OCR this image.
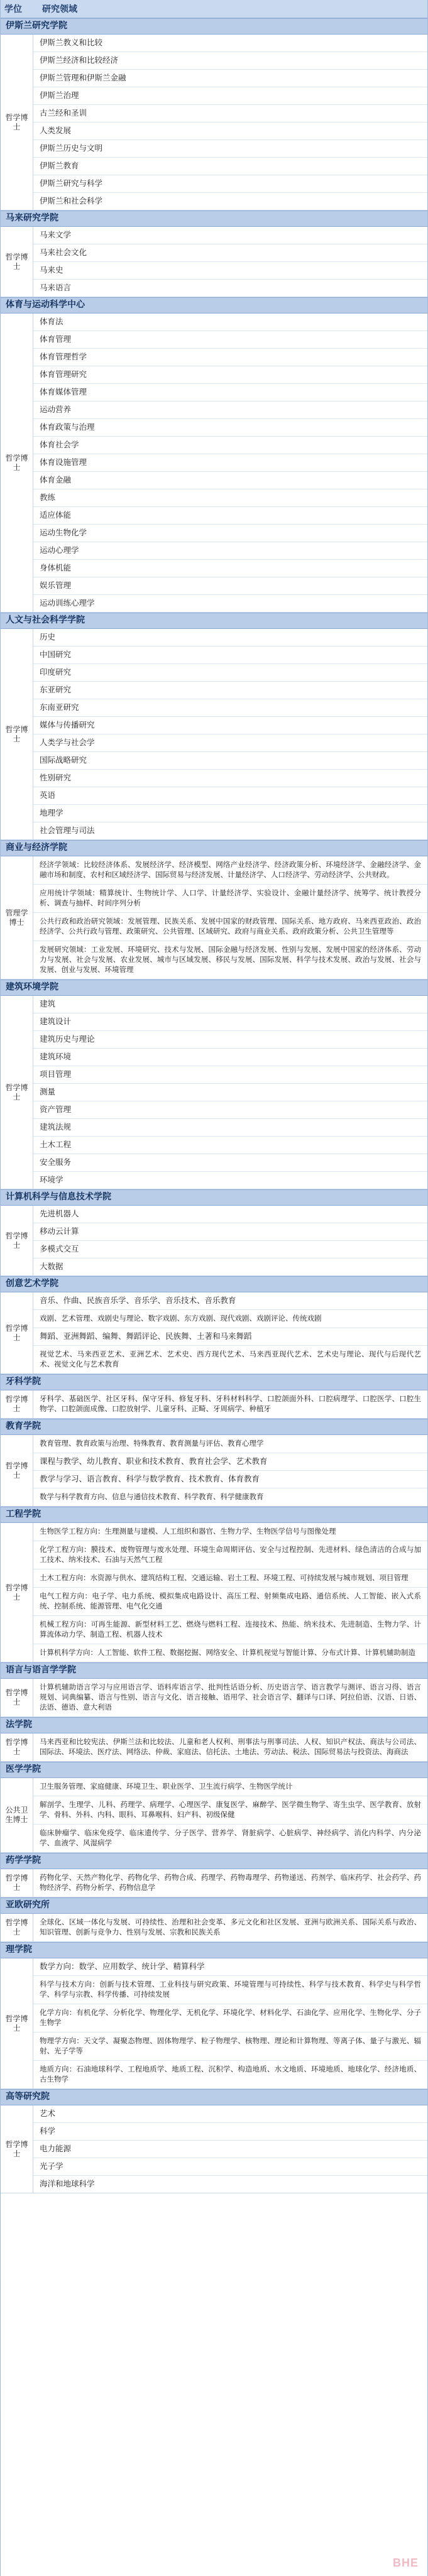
学位	研究领域
伊斯兰研究学院
哲学博士
伊斯兰教义和比较
伊斯兰经济和比较经济
伊斯兰管理和伊斯兰金融
伊斯兰治理
古兰经和圣训
人类发展
伊斯兰历史与文明
伊斯兰教育
伊斯兰研究与科学
伊斯兰和社会科学
马来研究学院
哲学博士
马来文学
马来社会文化
马来史
马来语言
体育与运动科学中心
哲学博士
体育法
体育管理
体育管理哲学
体育管理研究
体育媒体管理
运动营养
体育政策与治理
体育社会学
体育设施管理
体育金融
教练
适应体能
运动生物化学
运动心理学
身体机能
娱乐管理
运动训练心理学
人文与社会科学学院
哲学博士
历史
中国研究
印度研究
东亚研究
东南亚研究
媒体与传播研究
人类学与社会学
国际战略研究
性别研究
英语
地理学
社会管理与司法
商业与经济学院
管理学博士
经济学领域：比较经济体系、发展经济学、经济模型、网络产业经济学、经济政策分析、环境经济学、金融经济学、金融市场和制度、农村和区域经济学、国际贸易与经济发展、计量经济学、人口经济学、劳动经济学、公共财政。
应用统计学领域：精算统计、生物统计学、人口学、计量经济学、实验设计、金融计量经济学、统筹学、统计教授分析、调查与抽样、时间序列分析
公共行政和政治研究领域：发展管理、民族关系、发展中国家的财政管理、国际关系、地方政府、马来西亚政治、政治经济学、公共行政与管理、政策研究、公共管理、区域研究、政府与商业关系、政府政策分析、公共卫生管理等
发展研究领域：工业发展、环境研究、技术与发展、国际金融与经济发展、性别与发展、发展中国家的经济体系、劳动力与发展、社会与发展、农业发展、城市与区域发展、移民与发展、国际发展、科学与技术发展、政治与发展、社会与发展、创业与发展、环境管理
建筑环境学院
哲学博士
建筑
建筑设计
建筑历史与理论
建筑环境
项目管理
测量
资产管理
建筑法规
土木工程
安全服务
环境学
计算机科学与信息技术学院
哲学博士
先进机器人
移动云计算
多模式交互
大数据
创意艺术学院
哲学博士
音乐、作曲、民族音乐学、音乐学、音乐技术、音乐教育
戏剧、艺术管理、戏剧史与理论、数字戏剧、东方戏剧、现代戏剧、戏剧评论、传统戏剧
舞蹈、亚洲舞蹈、编舞、舞蹈评论、民族舞、土著和马来舞蹈
视觉艺术、马来西亚艺术、亚洲艺术、艺术史、西方现代艺术、马来西亚现代艺术、艺术史与理论、现代与后现代艺术、视觉文化与艺术教育
牙科学院
哲学博士
牙科学、基础医学、社区牙科、保守牙科、修复牙科、牙科材料科学、口腔颌面外科、口腔病理学、口腔医学、口腔生物学、口腔颌面成像、口腔放射学、儿童牙科、正畸、牙周病学、种植牙
教育学院
哲学博士
教育管理、教育政策与治理、特殊教育、教育测量与评估、教育心理学
课程与教学、幼儿教育、职业和技术教育、教育社会学、艺术教育
教学与学习、语言教育、科学与数学教育、技术教育、体育教育
数学与科学教育方向、信息与通信技术教育、科学教育、科学健康教育
工程学院
哲学博士
生物医学工程方向：生理测量与建模、人工组织和器官、生物力学、生物医学信号与图像处理
化学工程方向：膜技术、废物管理与废水处理、环境生命周期评估、安全与过程控制、先进材料、绿色清洁的合成与加工技术、纳米技术、石油与天然气工程
土木工程方向：水资源与供水、建筑结构工程、交通运输、岩土工程、环境工程、可持续发展与城市规划、项目管理
电气工程方向：电子学、电力系统、模拟集成电路设计、高压工程、射频集成电路、通信系统、人工智能、嵌入式系统、控制系统、能源管理、电气化交通
机械工程方向：可再生能源、新型材料工艺、燃烧与燃料工程、连接技术、热能、纳米技术、先进制造、生物力学、计算流体动力学、制造工程、机器人技术
计算机科学方向：人工智能、软件工程、数据挖掘、网络安全、计算机视觉与智能计算、分布式计算、计算机辅助制造
语言与语言学学院
哲学博士
计算机辅助语言学习与应用语言学、语料库语言学、批判性话语分析、历史语言学、语言教学与测评、语言习得、语言规划、词典编纂、语言与性别、语言与文化、语言接触、语用学、社会语言学、翻译与口译、阿拉伯语、汉语、日语、法语、德语、意大利语
法学院
哲学博士
马来西亚和比较宪法、伊斯兰法和比较法、儿童和老人权利、刑事法与刑事司法、人权、知识产权法、商法与公司法、国际法、环境法、医疗法、网络法、仲裁、家庭法、信托法、土地法、劳动法、税法、国际贸易法与投资法、海商法
医学学院
公共卫生博士
卫生服务管理、家庭健康、环境卫生、职业医学、卫生流行病学、生物医学统计
解剖学、生理学、儿科、药理学、病理学、心理医学、康复医学、麻醉学、医学微生物学、寄生虫学、医学教育、放射学、骨科、外科、内科、眼科、耳鼻喉科、妇产科、初级保健
临床肿瘤学、临床免疫学、临床遗传学、分子医学、营养学、肾脏病学、心脏病学、神经病学、消化内科学、内分泌学、血液学、风湿病学
药学学院
哲学博士
药物化学、天然产物化学、药物化学、药物合成、药理学、药物毒理学、药物递送、药剂学、临床药学、社会药学、药物经济学、药物分析学、药物信息学
亚欧研究所
哲学博士
全球化、区域一体化与发展、可持续性、治理和社会变革、多元文化和社区发展、亚洲与欧洲关系、国际关系与政治、知识管理、创新与竞争力、性别与发展、宗教和民族关系
理学院
哲学博士
数学方向：数学、应用数学、统计学、精算科学
科学与技术方向：创新与技术管理、工业科技与研究政策、环境管理与可持续性、科学与技术教育、科学史与科学哲学、科学与宗教、科学传播、可持续发展
化学方向：有机化学、分析化学、物理化学、无机化学、环境化学、材料化学、石油化学、应用化学、生物化学、分子生物学
物理学方向：天文学、凝聚态物理、固体物理学、粒子物理学、核物理、理论和计算物理、等离子体、量子与激光、辐射、光子学等
地质方向：石油地球科学、工程地质学、地质工程、沉积学、构造地质、水文地质、环境地质、地球化学、经济地质、古生物学
高等研究院
哲学博士
艺术
科学
电力能源
光子学
海洋和地球科学
BHE
